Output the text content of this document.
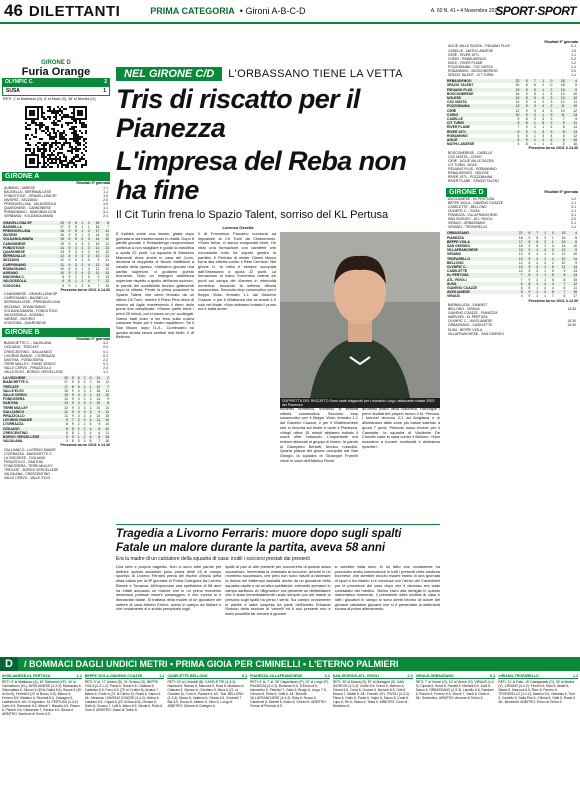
46 DILETTANTI	PRIMA CATEGORIA • Gironi A-B-C-D	A. 60 N. 41 • 4 Novembre 2024
SPORT·SPORT
GIRONE D
Furia Orange
OLYMPIC C.	2
SUSA	1
RETI: 1' st Mattiazzo (O), 8' st Marzi (S), 38' st Nicolini (O).
GIRONE A
Risultati 9ª giornata
AURANO - VARESE	1-1
BAGNELLA - SERRAVALLESE	1-1
FONDOTOCE - GRAVELLONA SP	1-0
INVORIO - SEZZANO	2-0
PREDNIVELLINA - VALDOSSOLA	1-0
QUARONESE - CANNOBIESE	1-1
ROMAGNANO - MADONNA CIGN	3-1
VERBANIA - VOLDANOLIMARA	2-4
GRAVELLONA SP	19	9	6	1	2	15	8
BAGNELLA	17	8	5	2	1	16	7
PREDNIVELLINA	16	9	5	1	3	17	11
INVORIO	16	9	5	1	3	14	10
VOLDANOLIMARA	15	8	5	0	3	14	10
CANNOBIESE	15	9	4	3	2	15	12
FONDOTOCE	14	9	4	2	3	12	13
QUARONESE	13	9	3	4	2	10	10
SERRAVALLE	12	8	3	3	2	10	11
SEZZANO	12	9	3	3	3	9	11
CARPIGNANO	11	9	3	2	4	12	14
ROMAGNANO	10	8	3	1	4	11	12
AGRANO	10	9	2	4	3	11	13
MADONNA C.	8	9	2	2	5	9	13
VALDOSSOLA	6	8	1	3	4	7	12
VOGOGNA	5	9	1	2	6	7	15
Prossimo turno 10/11 h.14.30
CANNOBIESE - GRAVELLONA SP
CARPIGNANO - BAGNELLA
SERRAVALLESE - PREDNIVELLINA
SEZZANO - ROMAGNANO
VOLDANOLIMARA - FONDOTOCE
VALDOSSOLA - AGRANO
VARESE - INVORIO
VOGOGNA - QUARONESE
GIRONE B
Risultati 9ª giornata
BIANCHETTE C. - VALDILANA	3-2
CIGLIANO - TRECATE	2-0
CRESCENTINO - GALLIANICO	0-1
LIVORNO BIANZE - LTORRAZZA	0-2
SANTHIA - FONDOSERA	2-2
TERRI MULLEY - PIANO VENICE	0-1
VALLE CERVO - PIRAZZOLLO	2-4
VALLE ELVO - BORGO VERCELLESE	1-1
LA VISCHESE	20	9	6	2	0	14	2
BIANCHETTE C.	17	9	5	2	2	19	12
TRECATE	17	8	5	2	1	12	7
VALLE ELVO	15	9	4	3	2	16	11
VALLE CERVO	15	9	4	3	2	13	12
FONDOSERA	14	9	4	2	3	14	9
SANTHIA	13	9	3	4	2	10	8
TERRI MULLEY	12	9	3	3	3	10	13
GALLIANICO	12	9	3	3	3	9	11
PIRAZZOLLO	11	9	3	2	4	13	15
LIVORNO BIANZE	9	7	2	3	2	11	10
LTORRAZZA	8	9	2	2	5	9	14
CIGLIANO	8	8	2	2	4	8	12
CRESCENTINO	6	8	1	3	4	6	11
BORGO VERCELLESE	5	9	1	2	6	6	15
VALDILANA	3	8	0	3	5	7	16
Prossimo turno 10/11 h.14.30
GALLIANICO - LIVORNO BIANZE
LTORRAZZA - BIANCHETTE C.
LA VISCHESE - CIGLIANO
PIRAZZOLLO - SANTHIA
FONDOSERA - TERRI MULLEY
TRECATE - BORGO VERCELLESE
VALDILANA - CRESCENTINO
VALLE CERVO - VALLE ELVO
NEL GIRONE C/D	L'ORBASSANO TIENE LA VETTA
Tris di riscatto per il Pianezza
L'impresa del Reba non ha fine
Il Cit Turin frena lo Spazio Talent, sorriso del KL Pertusa
Lorenzo Ossella
È iniziata come una favola, girata dopo giornata si sta trasformando in realtà. Dopo 8 partite giocate, il Rebandengo neopromosso continua a non sbagliare e guida la classifica a quota 22 punti. La squadra di Massimo Mammuti vince anche in casa del Corio, decisiva la doppietta di Nicolò Maffeisoli a cavallo della ripresa. «Abbiamo giocato una partita superiore, ci godiamo questo momento. Noto un impegno addirittura superiore rispetto a quello dell'anno scorso», le parole del soddisfatto tecnico gialloverdi dopo la vittoria. Perde la prima posizione lo Spazio Talent, che viene fermato da un ottimo Cit Turin, mentre il Fiano Plus vince di misura ad Aglié mantenendo il ritmo delle prime due classificate. «Siamo partiti bene i primi 25 minuti, poi ci siamo un po' scollegati. Siamo stati bravi a far leva sulla nostra coesione finale per il nostro equilibrio». Se il San Mauro dopo l'1-0... Continuano su questa strada senza sentirsi mai belli», il dt Bellomo.
Il dt Francesco Parcamo comincia ad impostare la Cit Turin da Chiaverianni. «Sono felice, ci siamo comportati bene. Ho visto una formazione con carattere che nonostante tutto ha saputo gestire la partita». Il Pertusa di mister Gianni Marzo torna alla vittoria contro il Real Cerntcia. Nel girone D, la vetta è sempre occupata dall'Orbassano a quota 22 punti. La formazione di Ivano Sorrentino ottiene tre punti sul campo del Viarmes in inferiorità numerica, trovando la settima vittoria consecutiva. Secondo stop consecutivo per il Beppe Viola, fermato 1-1 dal Giaveno Coazze, e per il Villafranca che va avanti 1-0 solo nel finale. «Non abbiamo buttato il punto ma è stata dura».
DOPPIETTA DEL RISCATTO Sono state stagionali per Leonardo Lorgo, attaccante classe 2003 del Pianezza
forderito numerico, trovando la settima vittoria consecutiva. Secondo stop consecutivo per il Beppe Viola, fermato 1-1 dal Giaveno Coazze, e per il Villafranchese che si rimonta sul finale e cade a Pianezza. «Negli ultimi 15 minuti abbiamo buttato il cuore oltre l'ostacolo. L'importante era restare attaccati al gruppo di testa», le parole di Giampiero Bertotti, tecnico rossoblù. Quarta piazza del girone occupata dal San Giorgio, la squadra di Giuseppe Franchi vince in casa dell'Atletico Rivoli.
all'ultimo posto della classifica. Raccoglie i primi risultati del proprio lavoro il KL Pertusa. I torinesi vincono 2-1 ad Avigliana e si allontanano dalle zone più basse salendo a quota 7 punti. Pirlondo rosso invece per il Caselette, la squadra di Vladimiro De Concilio cade in casa contro il Bellono. «Non riusciamo a trovare continuità e dobbiamo ripartire».
Tragedia a Livorno Ferraris: muore dopo sugli spalti
Fatale un malore durante la partita, aveva 58 anni
Era la madre di un calciatore della squadra di casa: inutili i soccorsi prestati dai presenti
Una vera e propria tragedia. Non ci sono altre parole per definire quanto accaduto poco prima delle 15 al campo sportivo di Livorno Ferraris prima del fischio d'inizio della sfida valida per la 8ª giornata di Prima Categoria tra Livorno Bianzè e Torrazza. All'improvviso una spettatrice di 58 anni ha infatti accusato un malore che in un primo momento sembrava potesse essere passeggero e che invece si è dimostrato fatale. Si trattava della madre di un giocatore del settore di casa Alberto Enrico, sceso in campo da titolare e che ovviamente si è subito precipitato sugli
spalti al pari di altri presenti per soccorrerla di quanto stava accadendo. Immediata la chiamata ai soccorsi, arrivati in un momento successivo, che però non sono riusciti a rianimare la donna nel frattempo assistita anche da un giocatore della squadra ospite e da un'altra spettatrice, entrambi operatori in campo sanitario. Al «Bignardo» era presente un defibrillatore che è stato immediatamente usato sempre con dei malori la persona sugli spalti ha perso i sensi. Sul campo ovviamente le partite è stata sospesa da parte dell'arbitro Edoardo Rosson della sezione di Vercelli ed il suo presenti non è stato possibile far tornare a giocare.
si sarebbe fatta sera. In un fatto che ovviamente ha provocato molta commozione in tutti i presenti nella struttura livornese, che avrebbe dovuto essere teatro di una giornata di sport e fra intanto si è conclusa con l'arrivo dei Carabinieri per le procedure del caso dopo che il decesso era stato constatato dal medico. Siamo vicini alla famiglia in questo drammatico momento. Il presidente della società di casa e tutti i giocatori in campo si sono stretti intorno al dolore del giovane calciatore giovane che si è presentato la settimana scorsa al primo allenamento.
Risultati 9ª giornata
AGLIÈ VALLE SACRA - FIDUANO PLUS	0-1
CASELLE - MATHI LANZESE	1-0
CIRIÈ - RIVER 1971	1-1
CORIO - REBAUDENGO	0-2
NOLE - RIVER PLANE	1-2
POZZOMAINA - CSC NOSTA	1-1
ROBANNINO - BOSCONERESE	2-0
SPAZIO TALENT - CIT TURIN	1-1
REBAUDENGO	22	8	7	1	0	18	4
SPAZIO TALENT	20	8	6	2	0	18	5
FIDUANO PLUS	19	9	6	1	2	15	9
BOSCONERESE	16	9	5	1	3	14	10
NOLESE	15	8	5	0	3	13	10
CSC NOSTA	14	9	4	2	3	12	11
POZZOMAINA	13	9	3	4	2	11	10
CIRIÈ	12	9	3	3	3	10	12
CORIO	10	9	3	1	5	11	13
CASELLE	9	8	2	3	3	7	9
CIT TURIN	8	8	1	5	2	9	11
RIVER PLANE	7	9	2	1	6	8	14
RIVER 1971	6	9	1	3	5	8	13
ROBANNINO	6	8	1	3	4	6	12
AGLIÈ	5	9	1	2	6	6	15
MATHI LANZESE	4	8	1	1	6	5	16
Prossimo turno 10/11 h.14.30
BOSCONERESE - CASELLE
CSC NOSTA - CORIO
CIRIÈ - AGLIÈ VALLE SACRA
CIT TURIN - NOLE
FIDUANO PLUS - ROBANNINO
REBAUDENGO - NOLESE
RIVER 1971 - POZZOMAINA
RIVER PLANE - SPAZIO TALENT
GIRONE D	Risultati 9ª giornata
AVIGLIANESE - KL PERTUSA	1-2
BEPPE VIOLA - GIAVENO COAZZE	1-1
CASELETTE - BELLONO	0-1
OLYMPIC C. - SUSA	2-1
PIANEZZA - VILLAFRANCHESE	3-1
SAN GIORGIO - ATL. RIVOLI	2-0
VIRAUS - ORBASSANO	0-1
VIRIANO - TROFARELLO	1-1
ORBASSANO	22	8	7	1	0	15	4
PIANEZZA	18	9	5	3	1	16	8
BEPPE VIOLA	17	8	5	2	1	13	6
SAN GIORGIO	16	9	5	1	3	14	10
VILLAFRANCHESE	15	9	4	3	2	12	9
VIRIANO	13	8	4	1	3	11	10
TROFARELLO	13	9	4	1	4	12	11
BELLONO	12	8	3	3	2	10	9
OLYMPIC C.	10	9	3	1	5	11	14
CASELETTE	10	9	3	1	5	9	13
KL PERTUSA	7	8	2	1	5	8	13
ATL. RIVOLI	7	9	2	1	6	8	15
SUSA	6	8	1	3	4	7	12
GIAVENO COAZZE	6	8	1	3	4	6	11
AVIGLIANESE	5	9	1	2	6	7	16
VIRAUS	4	9	1	1	7	5	17
Prossimo turno 10/11 h.14.30
BARBALUCIA - VIANNOT
BELLONO - VIRAUS	14:30
GIAVENO COAZZE - PIANEZZA
MARVORI - KL PERTUSA
OLYMPIC C. - AVIGLIANESE	14:30
ORBASSANO - CASELETTE	14:30
SUSA - BEPPE VIOLA
VILLAFRANCHESE - SAN GIORGIO
D	/ BOMMACI DAGLI UNDICI METRI • PRIMA GIOIA PER CIMINELLI • L'ETERNO PALMIERI
AVIGLIANESE-KL PERTUSA	1-2
RETI: 5' st Mattiazzo (A), 40' Raimondi (KP), 44' st Caimantono (KL). AVIGLIANESE (4-3-3): Barbarulla 6, Gianmattea 6, Simoni 6 (40'st Gallet 5.5), Bocca 5 (40' st Noi 6), Ferretti 6 (22' st Boccu 5.5), Bianco 6, Ferrero 5.5, Mariano 6, Rezziati 6.5, Calcagno 6, Lanfranchi 6. All.: Di Agostino. KL PERTUSA (4-4-2): Caris 6.5, Raimondi 6.5, Alberti 7, Baratto 6.5, Piazzo 6, Pistore 6.5, Cantaneta 7, Gerace 6.5, Bocca 6. ARBITRO: Zamboni di Torino 6.5.
BEPPE VIOLA-GIAVENO COAZZE	1-1
RETI: 9' st, 17' Amaro (B), 31' Grosso (G). BEPPE VIOLA (4-3-1-2): Piana 6, Rossi 6.5, Calabria 6, Catterino 6.5, Ferro 6.5 (75' st Contini 6), Arnara 7, Marzo 6, Fonte 6 (21' st Ciervo 6), Rossi 6, Sacco 6. All.: Messina. GIAVENO COAZZE (4-4-2): Alvino 6, Cassaro 6.5, Coppa 6 (22' st Bocca 6), Gerace 6, Gallo 6, Grosso 7, Lalli 6, Mano 6.5, Nicola 6, Rollo 6, Tomi 6. ARBITRO: Dassi di Torino 6.
CASELETTE-BELLONO	0-1
RETI: 20' st Ciminelli (B). CASELETTE (4-3-3): Nanchai 6, Bianco 6, Manzoni 6, Rota 6, Mussano 6, Calarasi 6, Gerace 6, Giordano 6, Mura 6 (21' st Giordani 6), Corio 6, Pastore 6. All.: Tosi. BELLONO (4-3-3): Marco 6, Valdeca 6, Giusta 6.5, Ciminelli 7, Bar 6.5, Rocco 6, Alberto 6, Vinci 6, Longo 6. ARBITRO: Ghione di Collegno 6.
PIANEZZA-VILLAFRANCHESE	3-1
RETI: 6' st, 7' st, 35' Cappellazzo (P), 22' st Lorgo (P). PIANEZZA (4-3-3): Bommaci 6.5, D'Errico 6.5, Naccarino 6, Palmieri 7, Gallo 6, Brogo 6, Lorgo 7.5, Cervino 6, Rolle 6, Gatti 6. All.: Bertotti. VILLAFRANCHESE (4-4-2): Rota 6, Rosso 6, Gaudenzi 6, Moretti 6, Bosio 6, Ghezzi 6. ARBITRO: Ferrari di Pinerolo 6.5.
SAN GIORGIO-ATL. RIVOLI	2-0
RETI: 30' st Mosca (S), 57' st Mainguet (S). SAN GIORGIO (4-3-3): Cultrè 6.5, Greco 6, Marcon 6, Torresi 6.5, Cena 6, Grosso 6, Nevone 6.5, Dott 6, Mosca 7, Mattei 6. All.: Franchi. ATL. RIVOLI (4-3-3): Fisso 6, Gallo 6, Ponte 6, Volpe 6, Sacco 6, Coda 6, Lupo 6, Re 6, Sasso 6, Testa 6. ARBITRO: Conti di Nichelino 6.
VIRAUS-ORBASSANO	0-1
RETI: 7' st Virone (O), 12' st Virone (O). VIRAUS (4-3-3): Cipolla 6, Serra 6, Fenatti 6, Mariani 6.5, Sorti 6, Sacco 6. ORBASSANO (4-3-3): Lanzilio 6.5, Damiani 6, Ronchi 6, Ferrero 6.5, Virone 7, Santi 6, Gatto 6. All.: Sorrentino. ARBITRO: Aimone di Torino 6.
VIRIANO-TROFARELLO	1-1
RETI: 11' st Fallo, 15' Casagrande (O), 36' st Molina (V). VIRIANO (4-4-2): Ferrero 6, Mori 6, Abate 6, Sasso 6, Mazzoni 6.5, Ricci 6, Ferrero 6. TROFARELLO (4-4-2): Martino 6.5, Gianesio 6, Torri 6, Castello 6, Dalla Pria 6, Chiesa 6, Gatti 6, Rossi 6. All.: Benedetti. ARBITRO: Errico di Torino 6.
